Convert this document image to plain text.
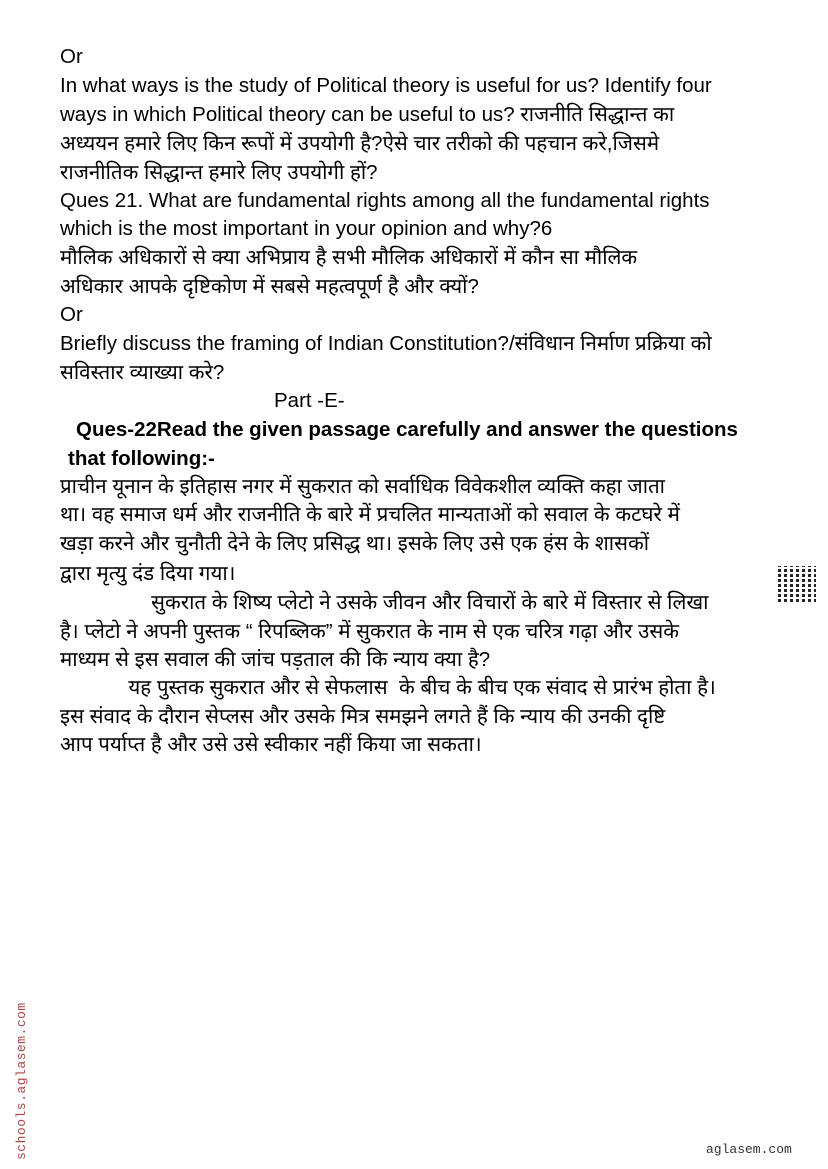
Or
In what ways is the study of Political theory is useful for us? Identify four
ways in which Political theory can be useful to us? राजनीति सिद्धान्त का
अध्ययन हमारे लिए किन रूपों में उपयोगी है?ऐसे चार तरीको की पहचान करे,जिसमे
राजनीतिक सिद्धान्त हमारे लिए उपयोगी हों?
Ques 21. What are fundamental rights among all the fundamental rights
which is the most important in your opinion and why?6
मौलिक अधिकारों से क्या अभिप्राय है सभी मौलिक अधिकारों में कौन सा मौलिक
अधिकार आपके दृष्टिकोण में सबसे महत्वपूर्ण है और क्यों?
Or
Briefly discuss the framing of Indian Constitution?/संविधान निर्माण प्रक्रिया को
सविस्तार व्याख्या करे?
Part -E-
Ques-22Read the given passage carefully and answer the questions
that following:-
प्राचीन यूनान के इतिहास नगर में सुकरात को सर्वाधिक विवेकशील व्यक्ति कहा जाता
था। वह समाज धर्म और राजनीति के बारे में प्रचलित मान्यताओं को सवाल के कटघरे में
खड़ा करने और चुनौती देने के लिए प्रसिद्ध था। इसके लिए उसे एक हंस के शासकों
द्वारा मृत्यु दंड दिया गया।
सुकरात के शिष्य प्लेटो ने उसके जीवन और विचारों के बारे में विस्तार से लिखा
है। प्लेटो ने अपनी पुस्तक “ रिपब्लिक” में सुकरात के नाम से एक चरित्र गढ़ा और उसके
माध्यम से इस सवाल की जांच पड़ताल की कि न्याय क्या है?
यह पुस्तक सुकरात और से सेफलास  के बीच के बीच एक संवाद से प्रारंभ होता है।
इस संवाद के दौरान सेप्लस और उसके मित्र समझने लगते हैं कि न्याय की उनकी दृष्टि
आप पर्याप्त है और उसे उसे स्वीकार नहीं किया जा सकता।
schools.aglasem.com	aglasem.com
